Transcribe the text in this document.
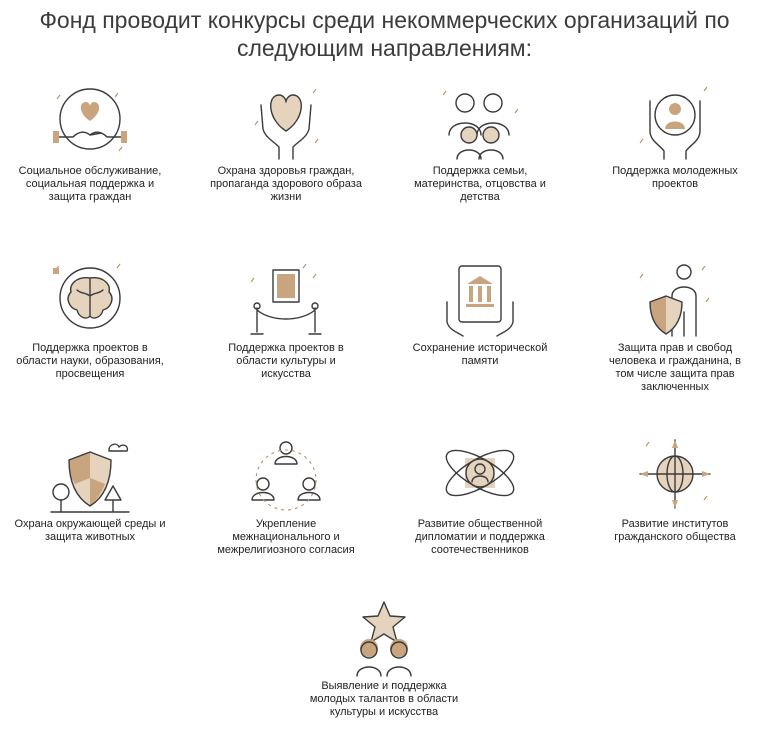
Фонд проводит конкурсы среди некоммерческих организаций по
следующим направлениям:
Социальное обслуживание, социальная поддержка и защита граждан
Охрана здоровья граждан, пропаганда здорового образа жизни
Поддержка семьи, материнства, отцовства и детства
Поддержка молодежных проектов
Поддержка проектов в области науки, образования, просвещения
Поддержка проектов в области культуры и искусства
Сохранение исторической памяти
Защита прав и свобод человека и гражданина, в том числе защита прав заключенных
Охрана окружающей среды и защита животных
Укрепление межнационального и межрелигиозного согласия
Развитие общественной дипломатии и поддержка соотечественников
Развитие институтов гражданского общества
Выявление и поддержка молодых талантов в области культуры и искусства
